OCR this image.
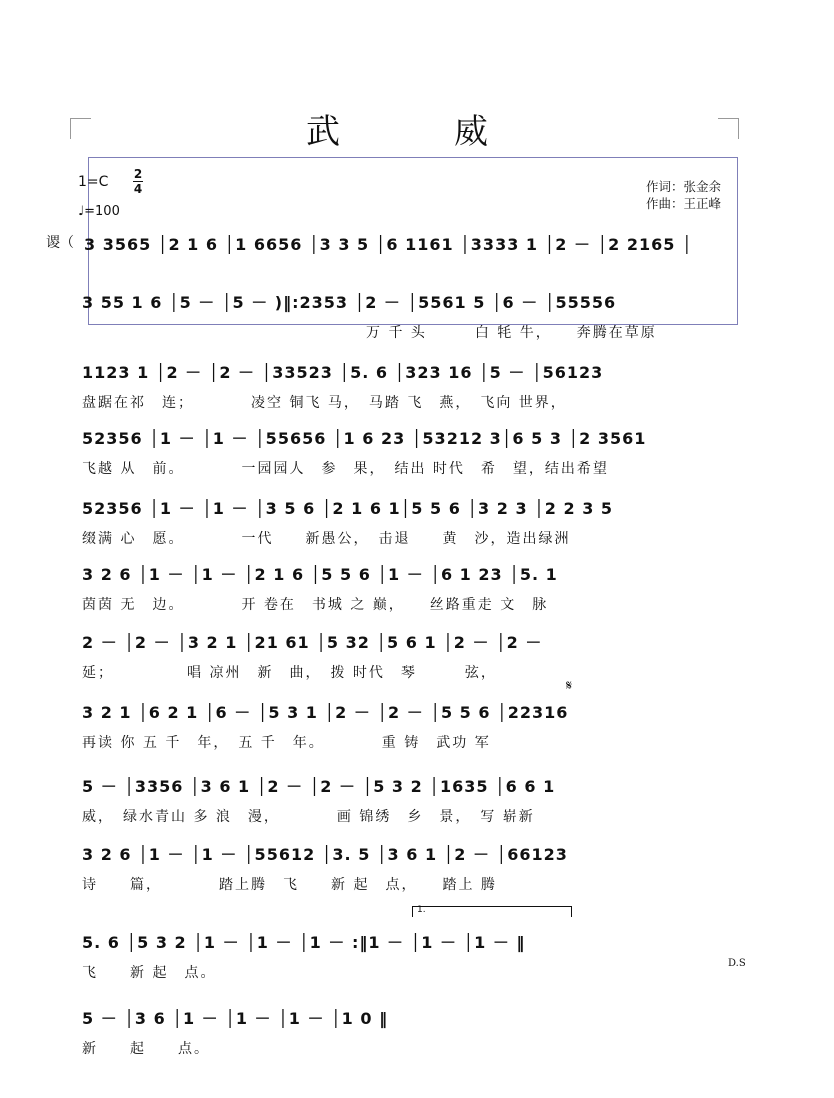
武　威
1=C 2
4
♩=100
作词：张金余
作曲：王正峰
谡（ 3 3565 │2 1 6 │1 6656 │3 3 5 │6 1161 │3333 1 │2 － │2 2165 │
3 55 1 6 │5 － │5 － )‖:2353 │2 － │5561 5 │6 － │55556
万 千 头　　　白 牦 牛，　　奔腾在草原
1123 1 │2 － │2 － │33523 │5. 6 │323 16 │5 － │56123
盘踞在祁　连；　　　　凌空 铜飞 马，　马踏 飞　燕，　飞向 世界，
52356 │1 － │1 － │55656 │1 6 23 │53212 3│6 5 3 │2 3561
飞越 从　前。　　　　一园园人　参　果，　结出 时代　希　望，结出希望
52356 │1 － │1 － │3 5 6 │2 1 6 1│5 5 6 │3 2 3 │2 2 3 5
缀满 心　愿。　　　　一代　　新愚公，　击退　　黄　沙，造出绿洲
3 2 6 │1 － │1 － │2 1 6 │5 5 6 │1 － │6 1 23 │5. 1
茵茵 无　边。　　　　开 卷在　书城 之 巅，　　丝路重走 文　脉
2 － │2 － │3 2 1 │21 61 │5 32 │5 6 1 │2 － │2 －
延；　　　　　唱 凉州　新　曲，　拨 时代　琴　　　弦，
3 2 1 │6 2 1 │6 － │5 3 1 │2 － │2 － │5 5 6 │22316
再读 你 五 千　年，　五 千　年。　　　　重 铸　武功 军
5 － │3356 │3 6 1 │2 － │2 － │5 3 2 │1635 │6 6 1
威，　绿水青山 多 浪　漫，　　　　画 锦绣　乡　景，　写 崭新
3 2 6 │1 － │1 － │55612 │3. 5 │3 6 1 │2 － │66123
诗　　篇，　　　　踏上腾　飞　　新 起　点，　　踏上 腾
5. 6 │5 3 2 │1 － │1 － │1 － :‖1 － │1 － │1 － ‖
飞　　新 起　点。
5 － │3 6 │1 － │1 － │1 － │1 0 ‖
新　　起　　点。
𝄋
1.
D.S
